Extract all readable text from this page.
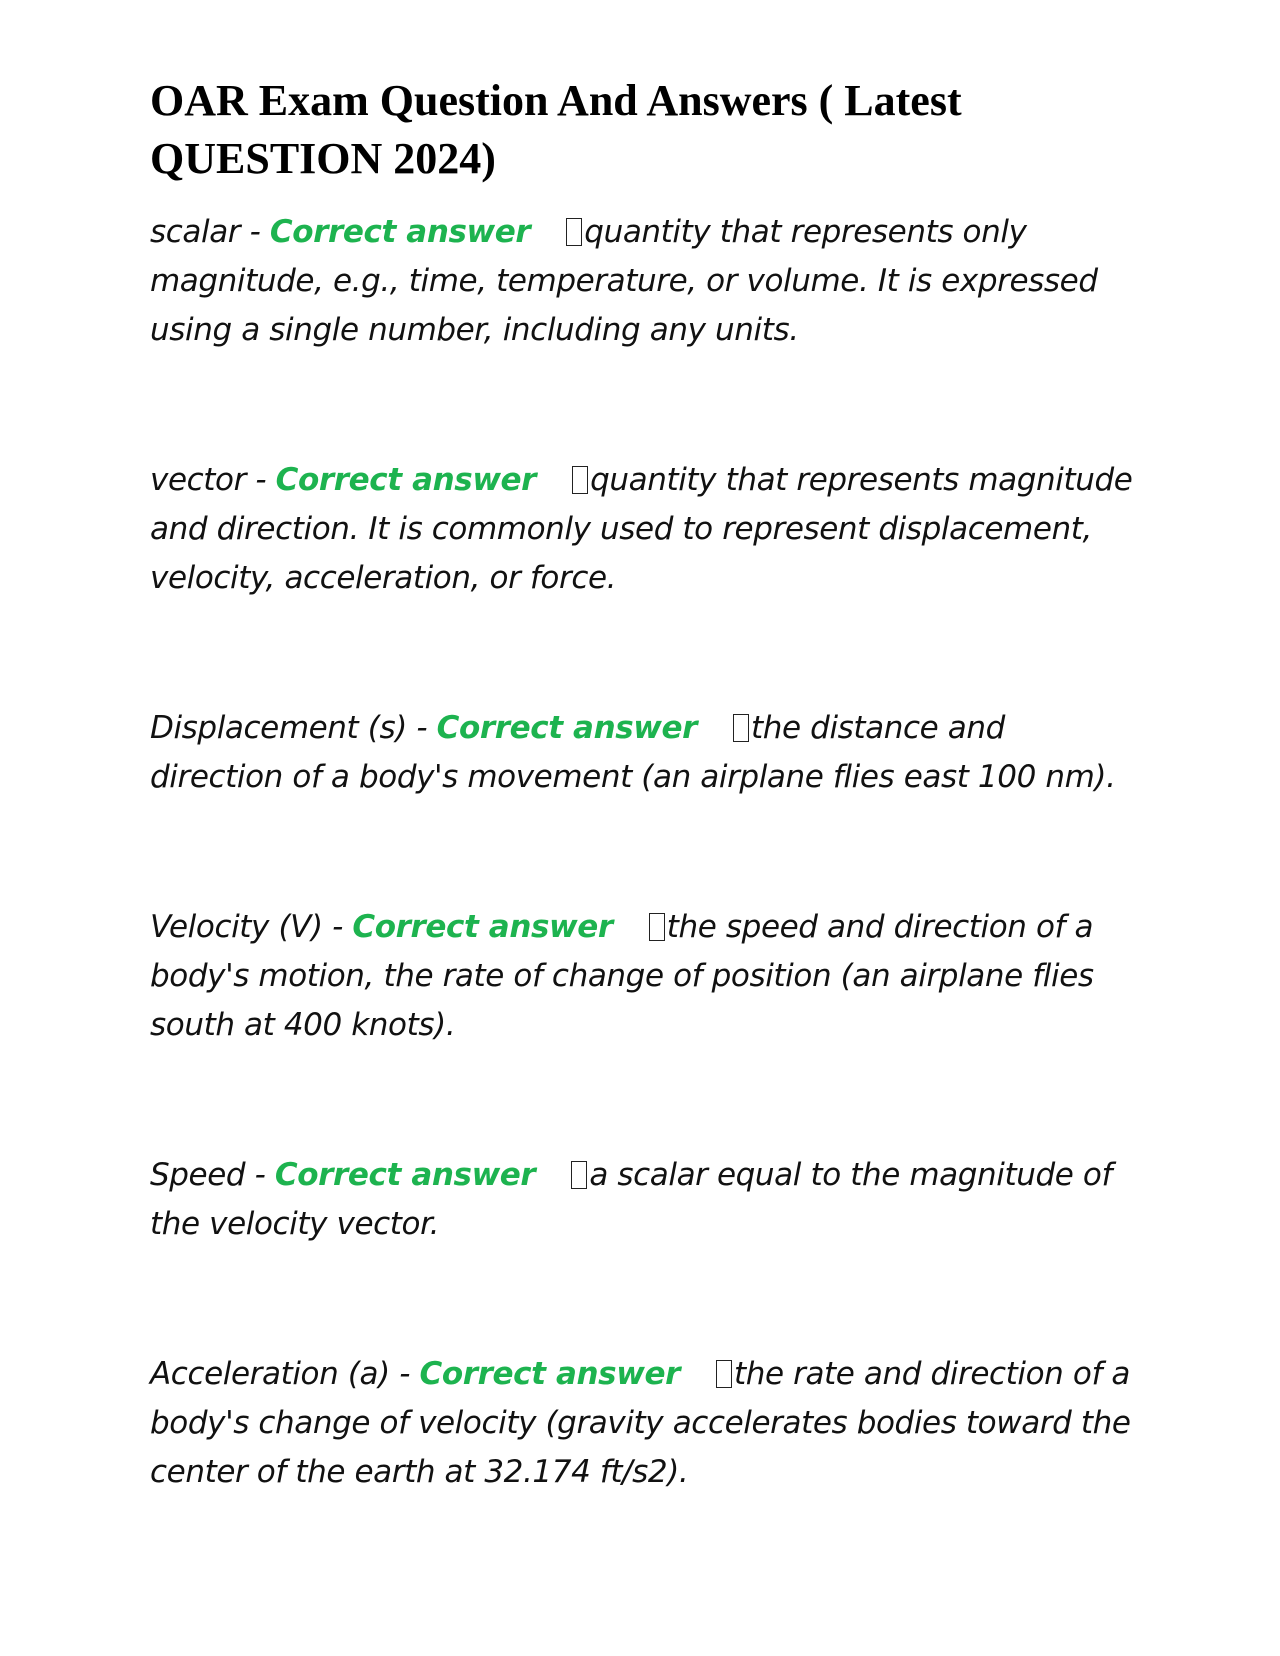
OAR Exam Question And Answers ( Latest QUESTION 2024)

scalar - Correct answer quantity that represents only magnitude, e.g., time, temperature, or volume. It is expressed using a single number, including any units.

vector - Correct answer quantity that represents magnitude and direction. It is commonly used to represent displacement, velocity, acceleration, or force.

Displacement (s) - Correct answer the distance and direction of a body's movement (an airplane flies east 100 nm).

Velocity (V) - Correct answer the speed and direction of a body's motion, the rate of change of position (an airplane flies south at 400 knots).

Speed - Correct answer a scalar equal to the magnitude of the velocity vector.

Acceleration (a) - Correct answer the rate and direction of a body's change of velocity (gravity accelerates bodies toward the center of the earth at 32.174 ft/s2).
